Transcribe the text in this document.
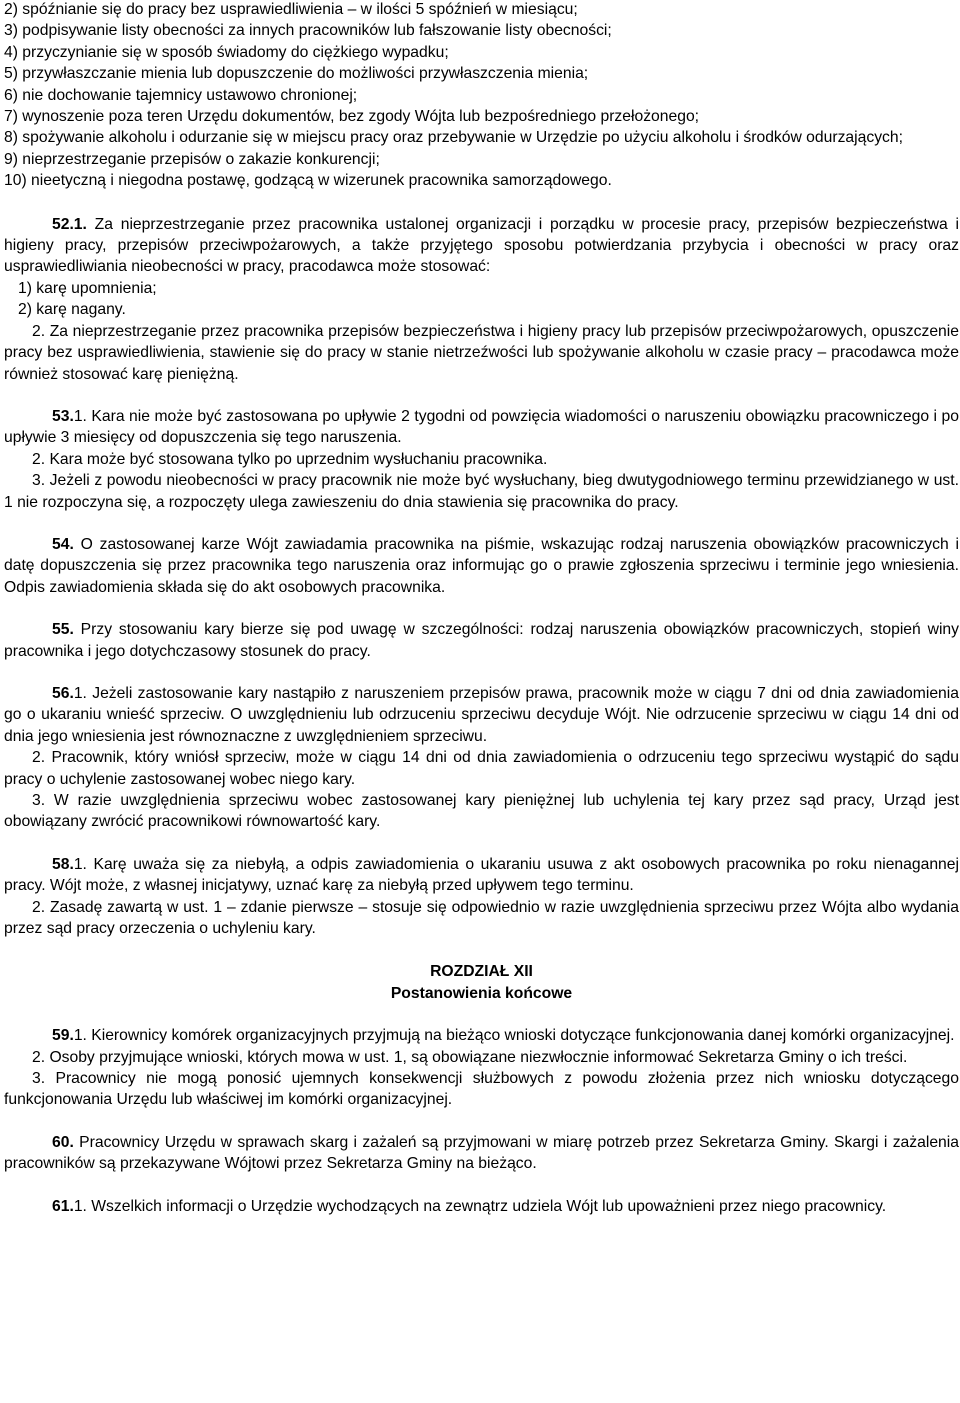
2) spóźnianie się do pracy bez usprawiedliwienia – w ilości 5 spóźnień w miesiącu;

3) podpisywanie listy obecności za innych pracowników lub fałszowanie listy obecności;

4) przyczynianie się w sposób świadomy do ciężkiego wypadku;

5) przywłaszczanie mienia lub dopuszczenie do możliwości przywłaszczenia mienia;

6) nie dochowanie tajemnicy ustawowo chronionej;

7) wynoszenie poza teren Urzędu dokumentów, bez zgody Wójta lub bezpośredniego przełożonego;

8) spożywanie alkoholu i odurzanie się w miejscu pracy oraz przebywanie w Urzędzie po użyciu alkoholu i środków odurzających;

9) nieprzestrzeganie przepisów o zakazie konkurencji;

10) nieetyczną i niegodna postawę, godzącą w wizerunek pracownika samorządowego.

52.1. Za nieprzestrzeganie przez pracownika ustalonej organizacji i porządku w procesie pracy, przepisów bezpieczeństwa i higieny pracy, przepisów przeciwpożarowych, a także przyjętego sposobu potwierdzania przybycia i obecności w pracy oraz usprawiedliwiania nieobecności w pracy, pracodawca może stosować:

1) karę upomnienia;

2) karę nagany.

2. Za nieprzestrzeganie przez pracownika przepisów bezpieczeństwa i higieny pracy lub przepisów przeciwpożarowych, opuszczenie pracy bez usprawiedliwienia, stawienie się do pracy w stanie nietrzeźwości lub spożywanie alkoholu w czasie pracy – pracodawca może również stosować karę pieniężną.

53.1. Kara nie może być zastosowana po upływie 2 tygodni od powzięcia wiadomości o naruszeniu obowiązku pracowniczego i po upływie 3 miesięcy od dopuszczenia się tego naruszenia.

2. Kara może być stosowana tylko po uprzednim wysłuchaniu pracownika.

3. Jeżeli z powodu nieobecności w pracy pracownik nie może być wysłuchany, bieg dwutygodniowego terminu przewidzianego w ust. 1 nie rozpoczyna się, a rozpoczęty ulega zawieszeniu do dnia stawienia się pracownika do pracy.

54. O zastosowanej karze Wójt zawiadamia pracownika na piśmie, wskazując rodzaj naruszenia obowiązków pracowniczych i datę dopuszczenia się przez pracownika tego naruszenia oraz informując go o prawie zgłoszenia sprzeciwu i terminie jego wniesienia. Odpis zawiadomienia składa się do akt osobowych pracownika.

55. Przy stosowaniu kary bierze się pod uwagę w szczególności: rodzaj naruszenia obowiązków pracowniczych, stopień winy pracownika i jego dotychczasowy stosunek do pracy.

56.1. Jeżeli zastosowanie kary nastąpiło z naruszeniem przepisów prawa, pracownik może w ciągu 7 dni od dnia zawiadomienia go o ukaraniu wnieść sprzeciw. O uwzględnieniu lub odrzuceniu sprzeciwu decyduje Wójt. Nie odrzucenie sprzeciwu w ciągu 14 dni od dnia jego wniesienia jest równoznaczne z uwzględnieniem sprzeciwu.

2. Pracownik, który wniósł sprzeciw, może w ciągu 14 dni od dnia zawiadomienia o odrzuceniu tego sprzeciwu wystąpić do sądu pracy o uchylenie zastosowanej wobec niego kary.

3. W razie uwzględnienia sprzeciwu wobec zastosowanej kary pieniężnej lub uchylenia tej kary przez sąd pracy, Urząd jest obowiązany zwrócić pracownikowi równowartość kary.

58.1. Karę uważa się za niebyłą, a odpis zawiadomienia o ukaraniu usuwa z akt osobowych pracownika po roku nienagannej pracy. Wójt może, z własnej inicjatywy, uznać karę za niebyłą przed upływem tego terminu.

2. Zasadę zawartą w ust. 1 – zdanie pierwsze – stosuje się odpowiednio w razie uwzględnienia sprzeciwu przez Wójta albo wydania przez sąd pracy orzeczenia o uchyleniu kary.

ROZDZIAŁ XII

Postanowienia końcowe

59.1. Kierownicy komórek organizacyjnych przyjmują na bieżąco wnioski dotyczące funkcjonowania danej komórki organizacyjnej.

2. Osoby przyjmujące wnioski, których mowa w ust. 1, są obowiązane niezwłocznie informować Sekretarza Gminy o ich treści.

3. Pracownicy nie mogą ponosić ujemnych konsekwencji służbowych z powodu złożenia przez nich wniosku dotyczącego funkcjonowania Urzędu lub właściwej im komórki organizacyjnej.

60. Pracownicy Urzędu w sprawach skarg i zażaleń są przyjmowani w miarę potrzeb przez Sekretarza Gminy. Skargi i zażalenia pracowników są przekazywane Wójtowi przez Sekretarza Gminy na bieżąco.

61.1. Wszelkich informacji o Urzędzie wychodzących na zewnątrz udziela Wójt lub upoważnieni przez niego pracownicy.
